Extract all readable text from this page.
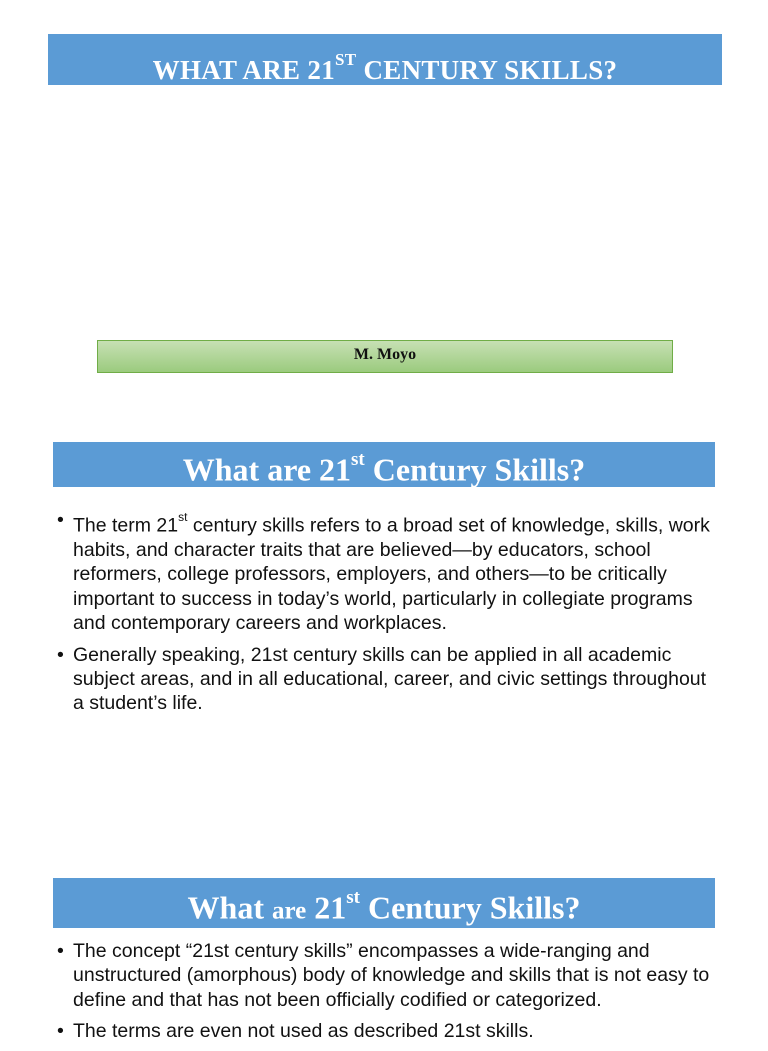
WHAT ARE 21ST CENTURY SKILLS?
M. Moyo
What are 21st Century Skills?
• The term 21st century skills refers to a broad set of knowledge, skills, work habits, and character traits that are believed—by educators, school reformers, college professors, employers, and others—to be critically important to success in today’s world, particularly in collegiate programs and contemporary careers and workplaces.
• Generally speaking, 21st century skills can be applied in all academic subject areas, and in all educational, career, and civic settings throughout a student’s life.
What are 21st Century Skills?
• The concept “21st century skills” encompasses a wide-ranging and unstructured (amorphous) body of knowledge and skills that is not easy to define and that has not been officially codified or categorized.
• The terms are even not used as described 21st skills.
